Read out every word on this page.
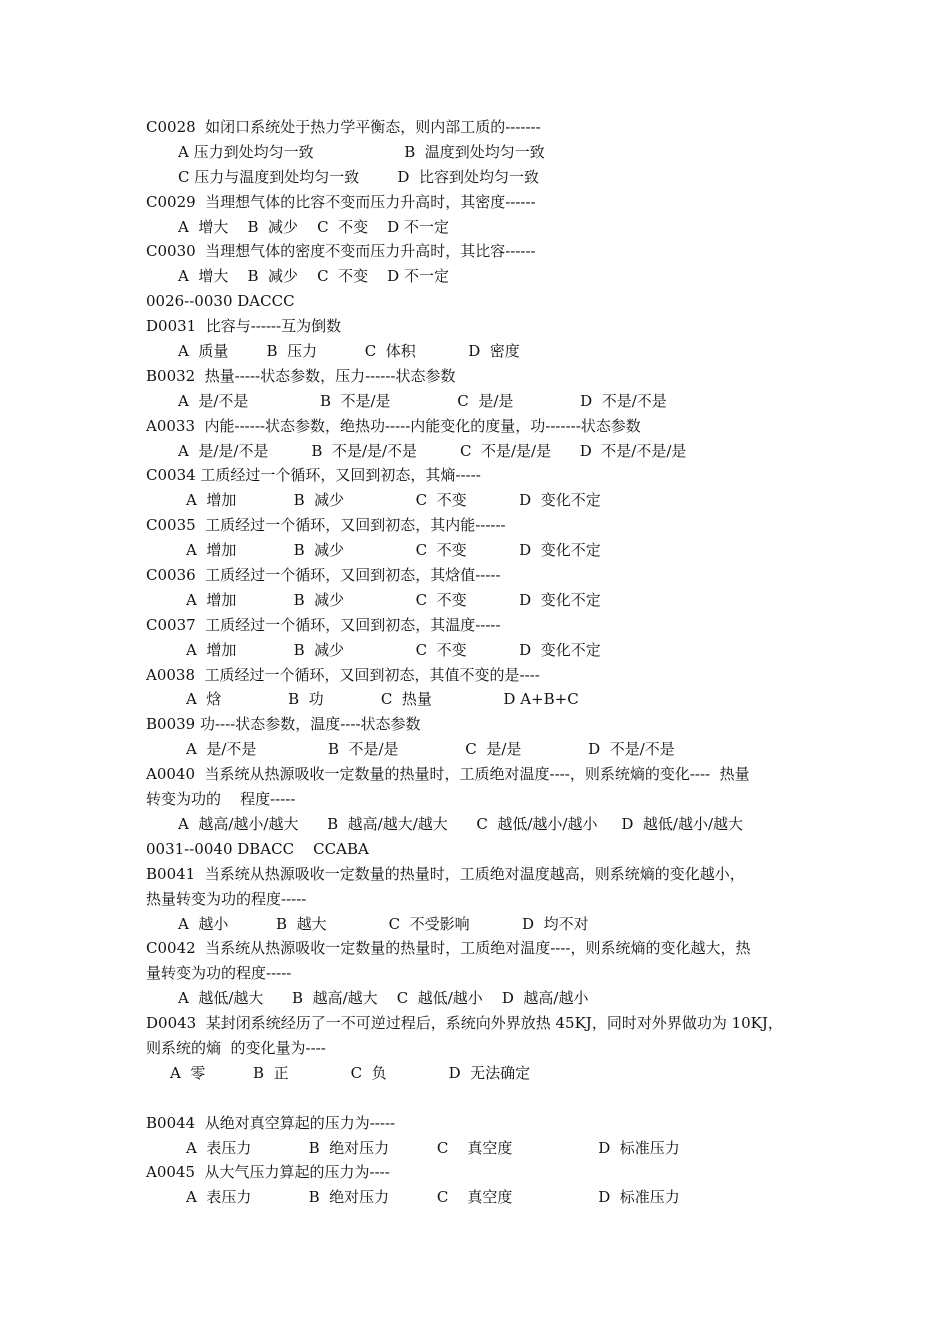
C0028  如闭口系统处于热力学平衡态，则内部工质的-------
A 压力到处均匀一致                   B  温度到处均匀一致
C 压力与温度到处均匀一致        D  比容到处均匀一致
C0029  当理想气体的比容不变而压力升高时，其密度------
A  增大    B  减少    C  不变    D 不一定
C0030  当理想气体的密度不变而压力升高时，其比容------
A  增大    B  减少    C  不变    D 不一定
0026--0030 DACCC
D0031  比容与------互为倒数
A  质量        B  压力          C  体积           D  密度
B0032  热量-----状态参数，压力------状态参数
A  是/不是               B  不是/是              C  是/是              D  不是/不是
A0033  内能------状态参数，绝热功-----内能变化的度量，功-------状态参数
A  是/是/不是         B  不是/是/不是         C  不是/是/是      D  不是/不是/是
C0034 工质经过一个循环，又回到初态，其熵-----
A  增加            B  减少               C  不变           D  变化不定
C0035  工质经过一个循环，又回到初态，其内能------
A  增加            B  减少               C  不变           D  变化不定
C0036  工质经过一个循环，又回到初态，其焓值-----
A  增加            B  减少               C  不变           D  变化不定
C0037  工质经过一个循环，又回到初态，其温度-----
A  增加            B  减少               C  不变           D  变化不定
A0038  工质经过一个循环，又回到初态，其值不变的是----
A  焓              B  功            C  热量               D A+B+C
B0039 功----状态参数，温度----状态参数
A  是/不是               B  不是/是              C  是/是              D  不是/不是
A0040  当系统从热源吸收一定数量的热量时，工质绝对温度----，则系统熵的变化----  热量
转变为功的    程度-----
A  越高/越小/越大      B  越高/越大/越大      C  越低/越小/越小     D  越低/越小/越大
0031--0040 DBACC    CCABA
B0041  当系统从热源吸收一定数量的热量时，工质绝对温度越高，则系统熵的变化越小，
热量转变为功的程度-----
A  越小          B  越大             C  不受影响           D  均不对
C0042  当系统从热源吸收一定数量的热量时，工质绝对温度----，则系统熵的变化越大，热
量转变为功的程度-----
A  越低/越大      B  越高/越大    C  越低/越小    D  越高/越小
D0043  某封闭系统经历了一不可逆过程后，系统向外界放热 45KJ，同时对外界做功为 10KJ，
则系统的熵  的变化量为----
A  零          B  正             C  负             D  无法确定
B0044  从绝对真空算起的压力为-----
A  表压力            B  绝对压力          C    真空度                  D  标准压力
A0045  从大气压力算起的压力为----
A  表压力            B  绝对压力          C    真空度                  D  标准压力
